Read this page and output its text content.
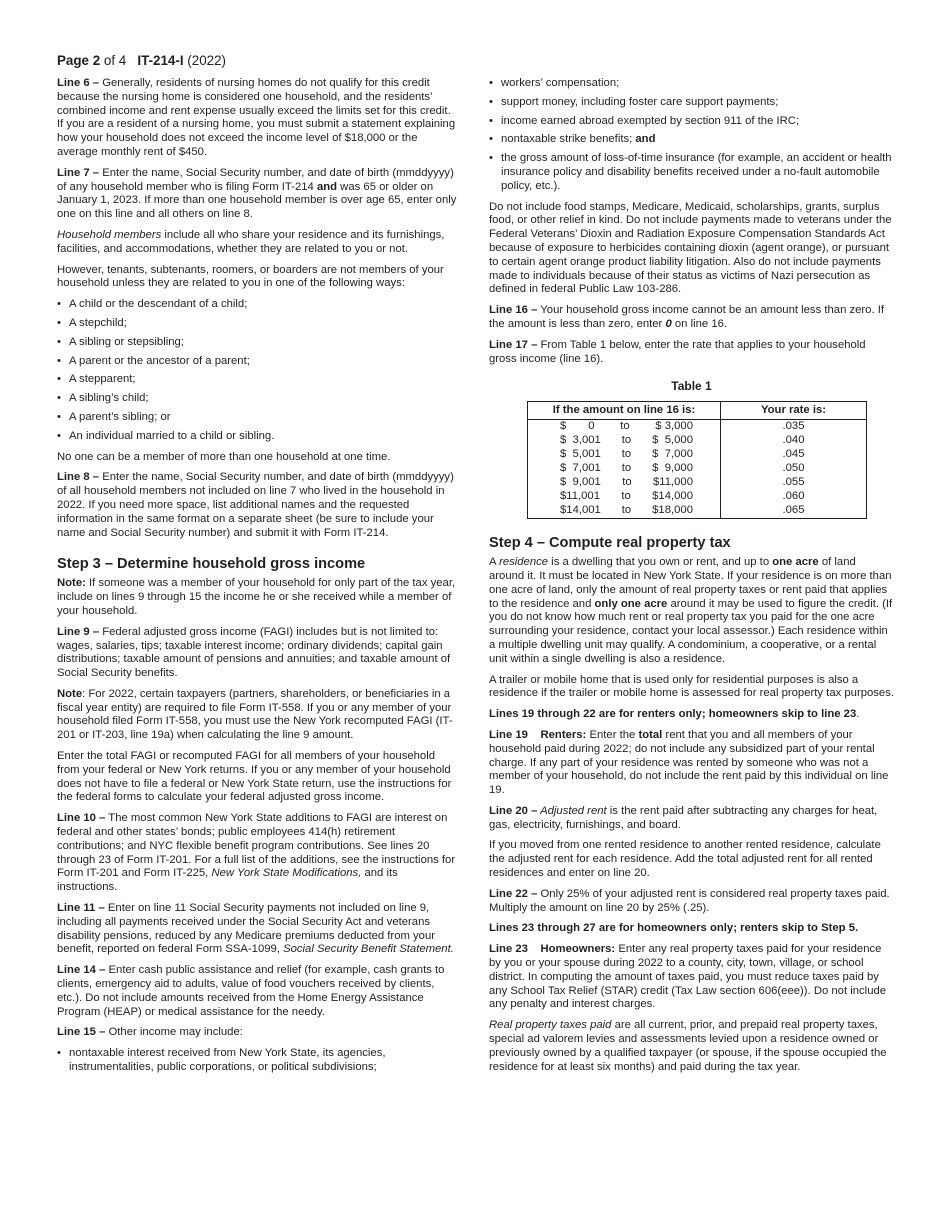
Page 2 of 4 IT-214-I (2022)

Line 6 – Generally, residents of nursing homes do not qualify for this credit because the nursing home is considered one household, and the residents’ combined income and rent expense usually exceed the limits set for this credit. If you are a resident of a nursing home, you must submit a statement explaining how your household does not exceed the income level of $18,000 or the average monthly rent of $450.

Line 7 – Enter the name, Social Security number, and date of birth (mmddyyyy) of any household member who is filing Form IT-214 and was 65 or older on January 1, 2023. If more than one household member is over age 65, enter only one on this line and all others on line 8.

Household members include all who share your residence and its furnishings, facilities, and accommodations, whether they are related to you or not.

However, tenants, subtenants, roomers, or boarders are not members of your household unless they are related to you in one of the following ways:

• A child or the descendant of a child;
• A stepchild;
• A sibling or stepsibling;
• A parent or the ancestor of a parent;
• A stepparent;
• A sibling’s child;
• A parent’s sibling; or
• An individual married to a child or sibling.

No one can be a member of more than one household at one time.

Line 8 – Enter the name, Social Security number, and date of birth (mmddyyyy) of all household members not included on line 7 who lived in the household in 2022. If you need more space, list additional names and the requested information in the same format on a separate sheet (be sure to include your name and Social Security number) and submit it with Form IT-214.

Step 3 – Determine household gross income

Note: If someone was a member of your household for only part of the tax year, include on lines 9 through 15 the income he or she received while a member of your household.

Line 9 – Federal adjusted gross income (FAGI) includes but is not limited to: wages, salaries, tips; taxable interest income; ordinary dividends; capital gain distributions; taxable amount of pensions and annuities; and taxable amount of Social Security benefits.

Note: For 2022, certain taxpayers (partners, shareholders, or beneficiaries in a fiscal year entity) are required to file Form IT-558. If you or any member of your household filed Form IT-558, you must use the New York recomputed FAGI (IT-201 or IT-203, line 19a) when calculating the line 9 amount.

Enter the total FAGI or recomputed FAGI for all members of your household from your federal or New York returns. If you or any member of your household does not have to file a federal or New York State return, use the instructions for the federal forms to calculate your federal adjusted gross income.

Line 10 – The most common New York State additions to FAGI are interest on federal and other states’ bonds; public employees 414(h) retirement contributions; and NYC flexible benefit program contributions. See lines 20 through 23 of Form IT-201. For a full list of the additions, see the instructions for Form IT-201 and Form IT-225, New York State Modifications, and its instructions.

Line 11 – Enter on line 11 Social Security payments not included on line 9, including all payments received under the Social Security Act and veterans disability pensions, reduced by any Medicare premiums deducted from your benefit, reported on federal Form SSA-1099, Social Security Benefit Statement.

Line 14 – Enter cash public assistance and relief (for example, cash grants to clients, emergency aid to adults, value of food vouchers received by clients, etc.). Do not include amounts received from the Home Energy Assistance Program (HEAP) or medical assistance for the needy.

Line 15 – Other income may include:

• nontaxable interest received from New York State, its agencies, instrumentalities, public corporations, or political subdivisions;
• workers’ compensation;
• support money, including foster care support payments;
• income earned abroad exempted by section 911 of the IRC;
• nontaxable strike benefits; and
• the gross amount of loss-of-time insurance (for example, an accident or health insurance policy and disability benefits received under a no-fault automobile policy, etc.).

Do not include food stamps, Medicare, Medicaid, scholarships, grants, surplus food, or other relief in kind. Do not include payments made to veterans under the Federal Veterans’ Dioxin and Radiation Exposure Compensation Standards Act because of exposure to herbicides containing dioxin (agent orange), or pursuant to certain agent orange product liability litigation. Also do not include payments made to individuals because of their status as victims of Nazi persecution as defined in federal Public Law 103-286.

Line 16 – Your household gross income cannot be an amount less than zero. If the amount is less than zero, enter 0 on line 16.

Line 17 – From Table 1 below, enter the rate that applies to your household gross income (line 16).

Table 1
If the amount on line 16 is:	Your rate is:

$       0 to $ 3,000	.035

$  3,001 to $  5,000	.040

$  5,001 to $  7,000	.045

$  7,001 to $  9,000	.050

$  9,001 to $11,000	.055

$11,001 to $14,000	.060

$14,001 to $18,000	.065
Step 4 – Compute real property tax

A residence is a dwelling that you own or rent, and up to one acre of land around it. It must be located in New York State. If your residence is on more than one acre of land, only the amount of real property taxes or rent paid that applies to the residence and only one acre around it may be used to figure the credit. (If you do not know how much rent or real property tax you paid for the one acre surrounding your residence, contact your local assessor.) Each residence within a multiple dwelling unit may qualify. A condominium, a cooperative, or a rental unit within a single dwelling is also a residence.

A trailer or mobile home that is used only for residential purposes is also a residence if the trailer or mobile home is assessed for real property tax purposes.

Lines 19 through 22 are for renters only; homeowners skip to line 23.

Line 19    Renters: Enter the total rent that you and all members of your household paid during 2022; do not include any subsidized part of your rental charge. If any part of your residence was rented by someone who was not a member of your household, do not include the rent paid by this individual on line 19.

Line 20 – Adjusted rent is the rent paid after subtracting any charges for heat, gas, electricity, furnishings, and board.

If you moved from one rented residence to another rented residence, calculate the adjusted rent for each residence. Add the total adjusted rent for all rented residences and enter on line 20.

Line 22 – Only 25% of your adjusted rent is considered real property taxes paid. Multiply the amount on line 20 by 25% (.25).

Lines 23 through 27 are for homeowners only; renters skip to Step 5.

Line 23    Homeowners: Enter any real property taxes paid for your residence by you or your spouse during 2022 to a county, city, town, village, or school district. In computing the amount of taxes paid, you must reduce taxes paid by any School Tax Relief (STAR) credit (Tax Law section 606(eee)). Do not include any penalty and interest charges.

Real property taxes paid are all current, prior, and prepaid real property taxes, special ad valorem levies and assessments levied upon a residence owned or previously owned by a qualified taxpayer (or spouse, if the spouse occupied the residence for at least six months) and paid during the tax year.
